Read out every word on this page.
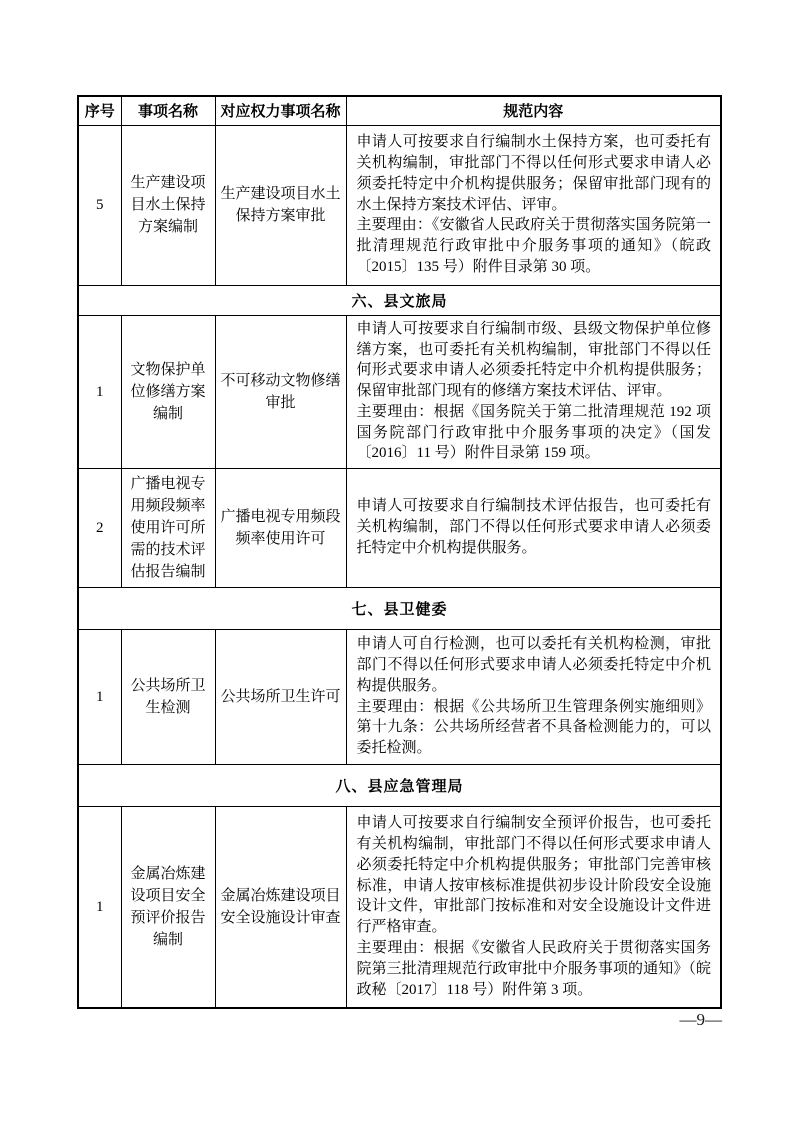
序号	事项名称	对应权力事项名称	规范内容
5	生产建设项目水土保持方案编制	生产建设项目水土保持方案审批	申请人可按要求自行编制水土保持方案，也可委托有关机构编制，审批部门不得以任何形式要求申请人必须委托特定中介机构提供服务；保留审批部门现有的水土保持方案技术评估、评审。
主要理由：《安徽省人民政府关于贯彻落实国务院第一批清理规范行政审批中介服务事项的通知》（皖政〔2015〕135 号）附件目录第 30 项。

六、县文旅局			
1	文物保护单位修缮方案编制	不可移动文物修缮审批	申请人可按要求自行编制市级、县级文物保护单位修缮方案，也可委托有关机构编制，审批部门不得以任何形式要求申请人必须委托特定中介机构提供服务；保留审批部门现有的修缮方案技术评估、评审。
主要理由：根据《国务院关于第二批清理规范 192 项国务院部门行政审批中介服务事项的决定》（国发〔2016〕11 号）附件目录第 159 项。

2	广播电视专用频段频率使用许可所需的技术评估报告编制	广播电视专用频段频率使用许可	申请人可按要求自行编制技术评估报告，也可委托有关机构编制，部门不得以任何形式要求申请人必须委托特定中介机构提供服务。

七、县卫健委			
1	公共场所卫生检测	公共场所卫生许可	申请人可自行检测，也可以委托有关机构检测，审批部门不得以任何形式要求申请人必须委托特定中介机构提供服务。
主要理由：根据《公共场所卫生管理条例实施细则》第十九条：公共场所经营者不具备检测能力的，可以委托检测。

八、县应急管理局			
1	金属冶炼建设项目安全预评价报告编制	金属冶炼建设项目安全设施设计审查	申请人可按要求自行编制安全预评价报告，也可委托有关机构编制，审批部门不得以任何形式要求申请人必须委托特定中介机构提供服务；审批部门完善审核标准，申请人按审核标准提供初步设计阶段安全设施设计文件，审批部门按标准和对安全设施设计文件进行严格审查。
主要理由：根据《安徽省人民政府关于贯彻落实国务院第三批清理规范行政审批中介服务事项的通知》（皖政秘〔2017〕118 号）附件第 3 项。
—9—
